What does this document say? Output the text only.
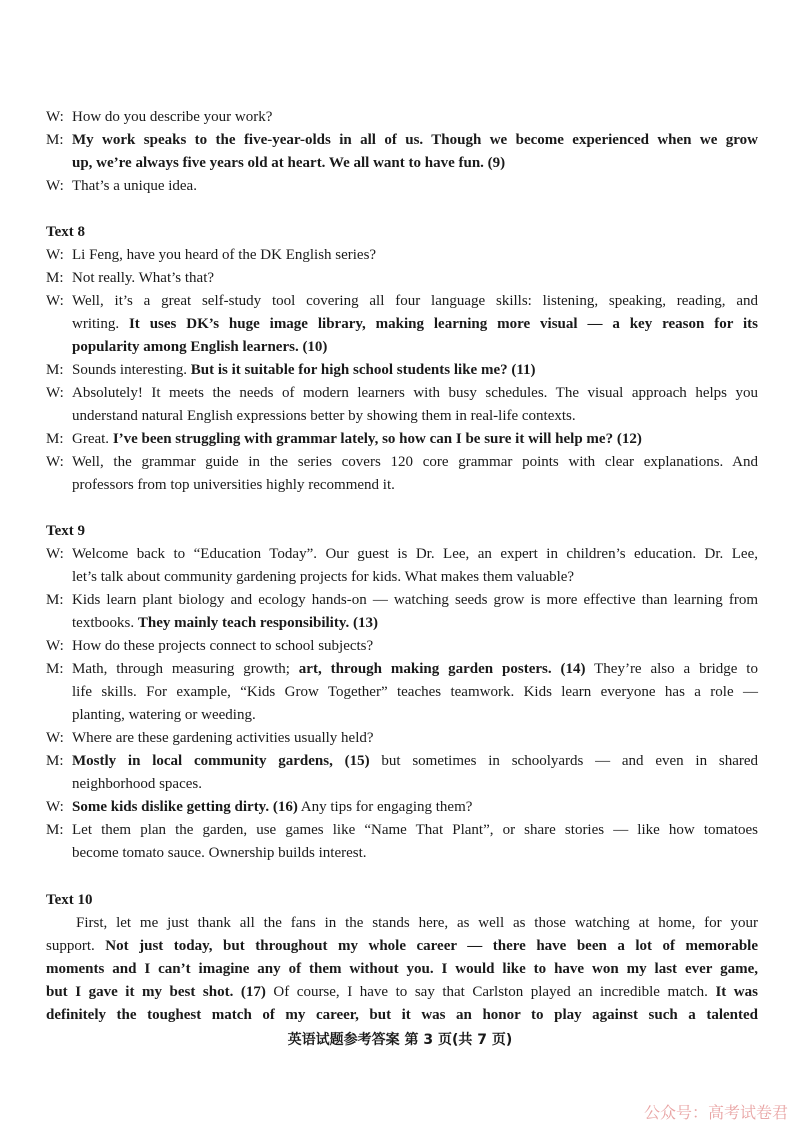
Text 8
Text 9
Text 10
W: How do you describe your work?
M: My work speaks to the five-year-olds in all of us. Though we become experienced when we grow
up, we’re always five years old at heart. We all want to have fun. (9)
W: That’s a unique idea.
W: Li Feng, have you heard of the DK English series?
M: Not really. What’s that?
W: Well, it’s a great self-study tool covering all four language skills: listening, speaking, reading, and
writing. It uses DK’s huge image library, making learning more visual — a key reason for its
popularity among English learners. (10)
M: Sounds interesting. But is it suitable for high school students like me? (11)
W: Absolutely! It meets the needs of modern learners with busy schedules. The visual approach helps you
understand natural English expressions better by showing them in real-life contexts.
M: Great. I’ve been struggling with grammar lately, so how can I be sure it will help me? (12)
W: Well, the grammar guide in the series covers 120 core grammar points with clear explanations. And
professors from top universities highly recommend it.
W: Welcome back to “Education Today”. Our guest is Dr. Lee, an expert in children’s education. Dr. Lee,
let’s talk about community gardening projects for kids. What makes them valuable?
M: Kids learn plant biology and ecology hands-on — watching seeds grow is more effective than learning from
textbooks. They mainly teach responsibility. (13)
W: How do these projects connect to school subjects?
M: Math, through measuring growth; art, through making garden posters. (14) They’re also a bridge to
life skills. For example, “Kids Grow Together” teaches teamwork. Kids learn everyone has a role —
planting, watering or weeding.
W: Where are these gardening activities usually held?
M: Mostly in local community gardens, (15) but sometimes in schoolyards — and even in shared
neighborhood spaces.
W: Some kids dislike getting dirty. (16) Any tips for engaging them?
M: Let them plan the garden, use games like “Name That Plant”, or share stories — like how tomatoes
become tomato sauce. Ownership builds interest.
First, let me just thank all the fans in the stands here, as well as those watching at home, for your
support. Not just today, but throughout my whole career — there have been a lot of memorable
moments and I can’t imagine any of them without you. I would like to have won my last ever game,
but I gave it my best shot. (17) Of course, I have to say that Carlston played an incredible match. It was
definitely the toughest match of my career, but it was an honor to play against such a talented
英语试题参考答案 第 3 页(共 7 页)
公众号：高考试卷君
